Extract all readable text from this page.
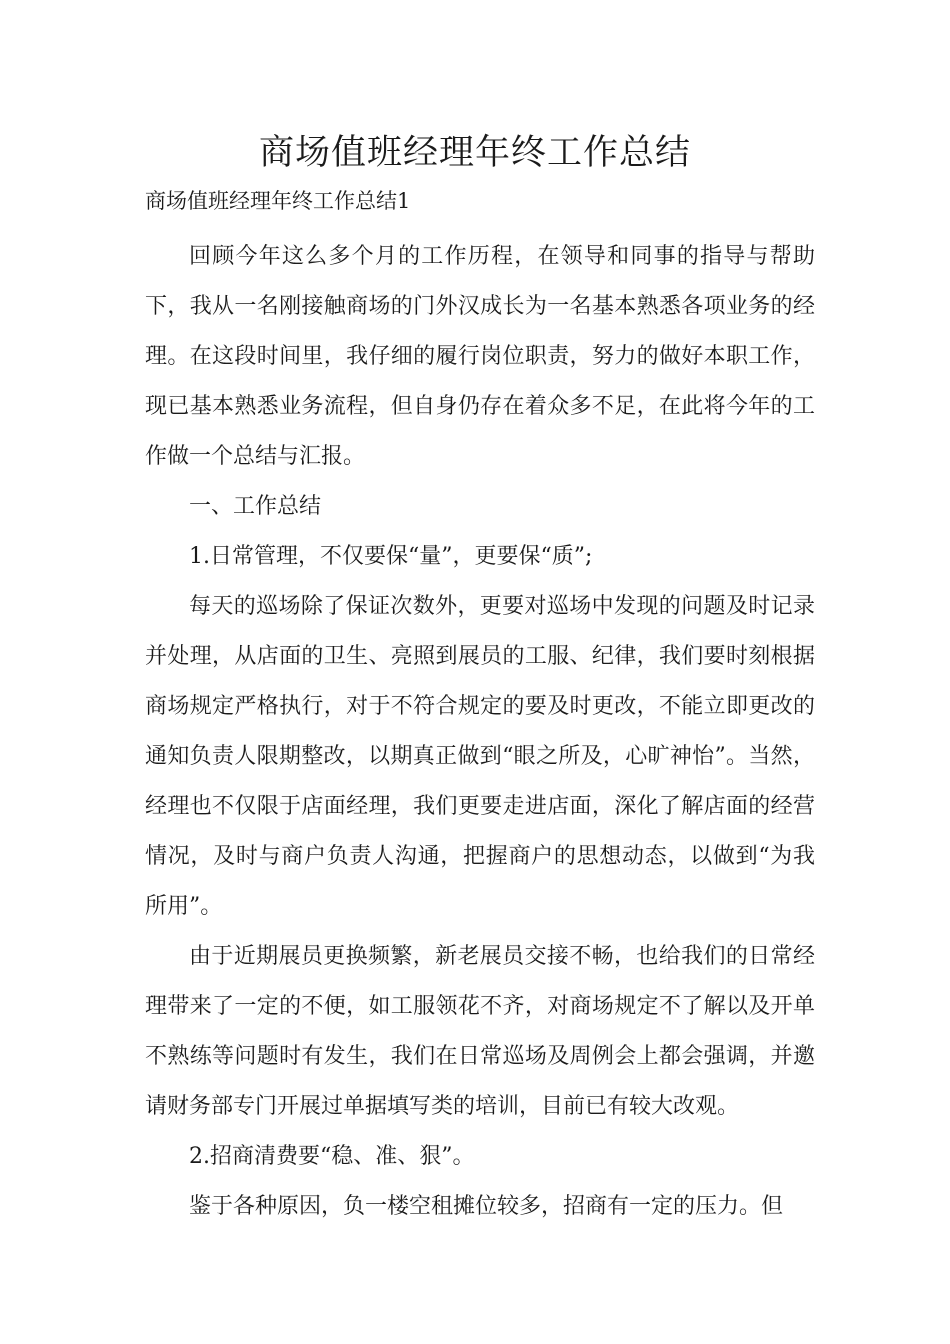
商场值班经理年终工作总结
商场值班经理年终工作总结1

回顾今年这么多个月的工作历程，在领导和同事的指导与帮助下，我从一名刚接触商场的门外汉成长为一名基本熟悉各项业务的经理。在这段时间里，我仔细的履行岗位职责，努力的做好本职工作，现已基本熟悉业务流程，但自身仍存在着众多不足，在此将今年的工作做一个总结与汇报。

一、工作总结

1.日常管理，不仅要保“量”，更要保“质”;

每天的巡场除了保证次数外，更要对巡场中发现的问题及时记录并处理，从店面的卫生、亮照到展员的工服、纪律，我们要时刻根据商场规定严格执行，对于不符合规定的要及时更改，不能立即更改的通知负责人限期整改，以期真正做到“眼之所及，心旷神怡”。当然，经理也不仅限于店面经理，我们更要走进店面，深化了解店面的经营情况，及时与商户负责人沟通，把握商户的思想动态，以做到“为我所用”。

由于近期展员更换频繁，新老展员交接不畅，也给我们的日常经理带来了一定的不便，如工服领花不齐，对商场规定不了解以及开单不熟练等问题时有发生，我们在日常巡场及周例会上都会强调，并邀请财务部专门开展过单据填写类的培训，目前已有较大改观。

2.招商清费要“稳、准、狠”。

鉴于各种原因，负一楼空租摊位较多，招商有一定的压力。但
